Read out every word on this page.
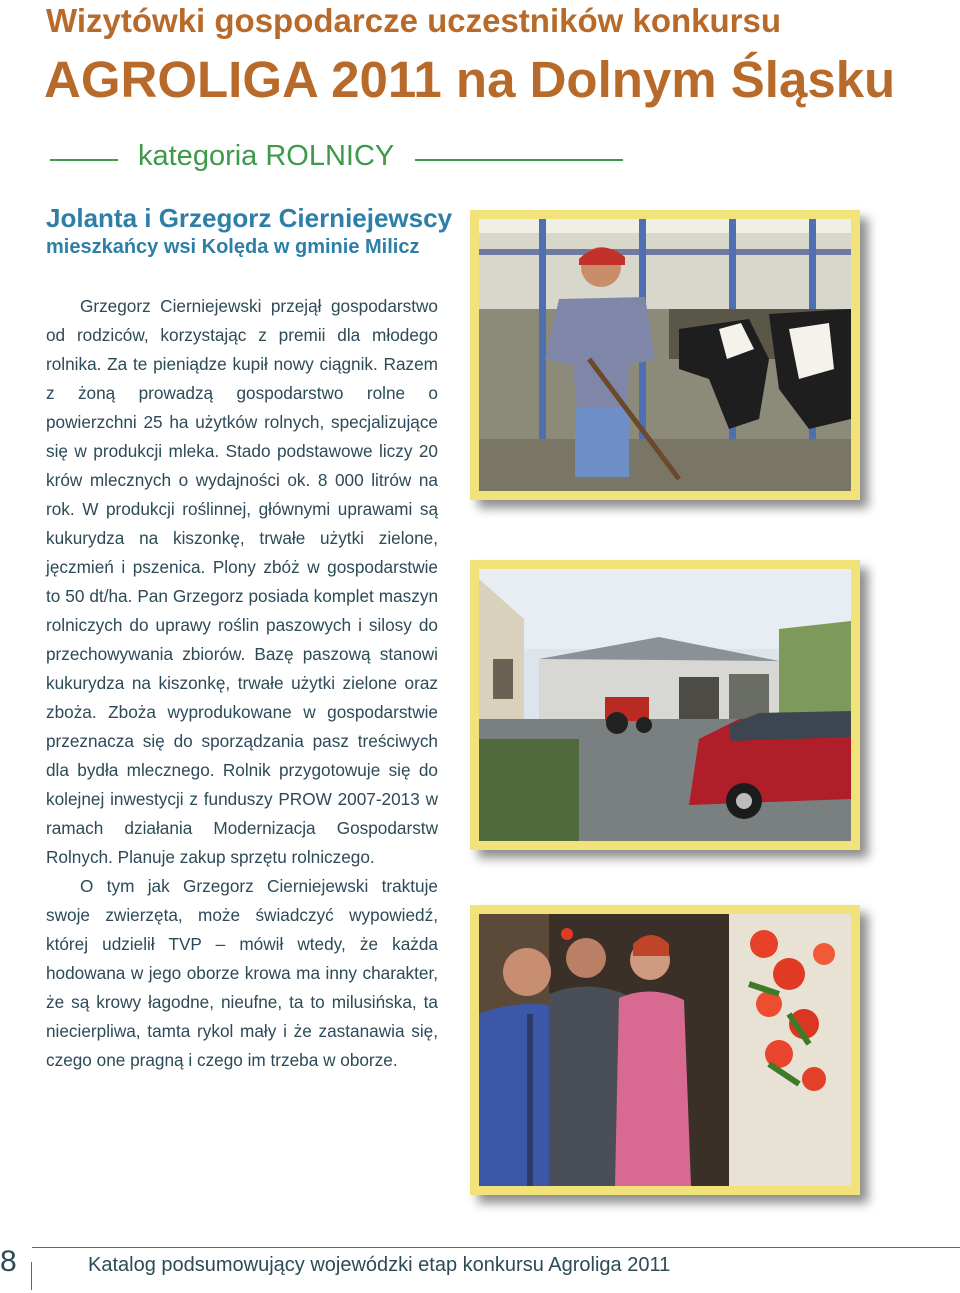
Wizytówki gospodarcze uczestników konkursu
AGROLIGA 2011 na Dolnym Śląsku
kategoria ROLNICY
Jolanta i Grzegorz Cierniejewscy
mieszkańcy wsi Kolęda w gminie Milicz

Grzegorz Cierniejewski przejął gospodarstwo od rodziców, korzystając z premii dla młodego rolnika. Za te pieniądze kupił nowy ciągnik. Razem z żoną prowadzą gospodarstwo rolne o powierzchni 25 ha użytków rolnych, specjalizujące się w produkcji mleka. Stado podstawowe liczy 20 krów mlecznych o wydajności ok. 8 000 litrów na rok. W produkcji roślinnej, głównymi uprawami są kukurydza na kiszonkę, trwałe użytki zielone, jęczmień i pszenica. Plony zbóż w gospodarstwie to 50 dt/ha. Pan Grzegorz posiada komplet maszyn rolniczych do uprawy roślin paszowych i silosy do przechowywania zbiorów. Bazę paszową stanowi kukurydza na kiszonkę, trwałe użytki zielone oraz zboża. Zboża wyprodukowane w gospodarstwie przeznacza się do sporządzania pasz treściwych dla bydła mlecznego. Rolnik przygotowuje się do kolejnej inwestycji z funduszy PROW 2007-2013 w ramach działania Modernizacja Gospodarstw Rolnych. Planuje zakup sprzętu rolniczego.

O tym jak Grzegorz Cierniejewski traktuje swoje zwierzęta, może świadczyć wypowiedź, której udzielił TVP – mówił wtedy, że każda hodowana w jego oborze krowa ma inny charakter, że są krowy łagodne, nieufne, ta to milusińska, ta niecierpliwa, tamta rykol mały i że zastanawia się, czego one pragną i czego im trzeba w oborze.

8	Katalog podsumowujący wojewódzki etap konkursu Agroliga 2011
